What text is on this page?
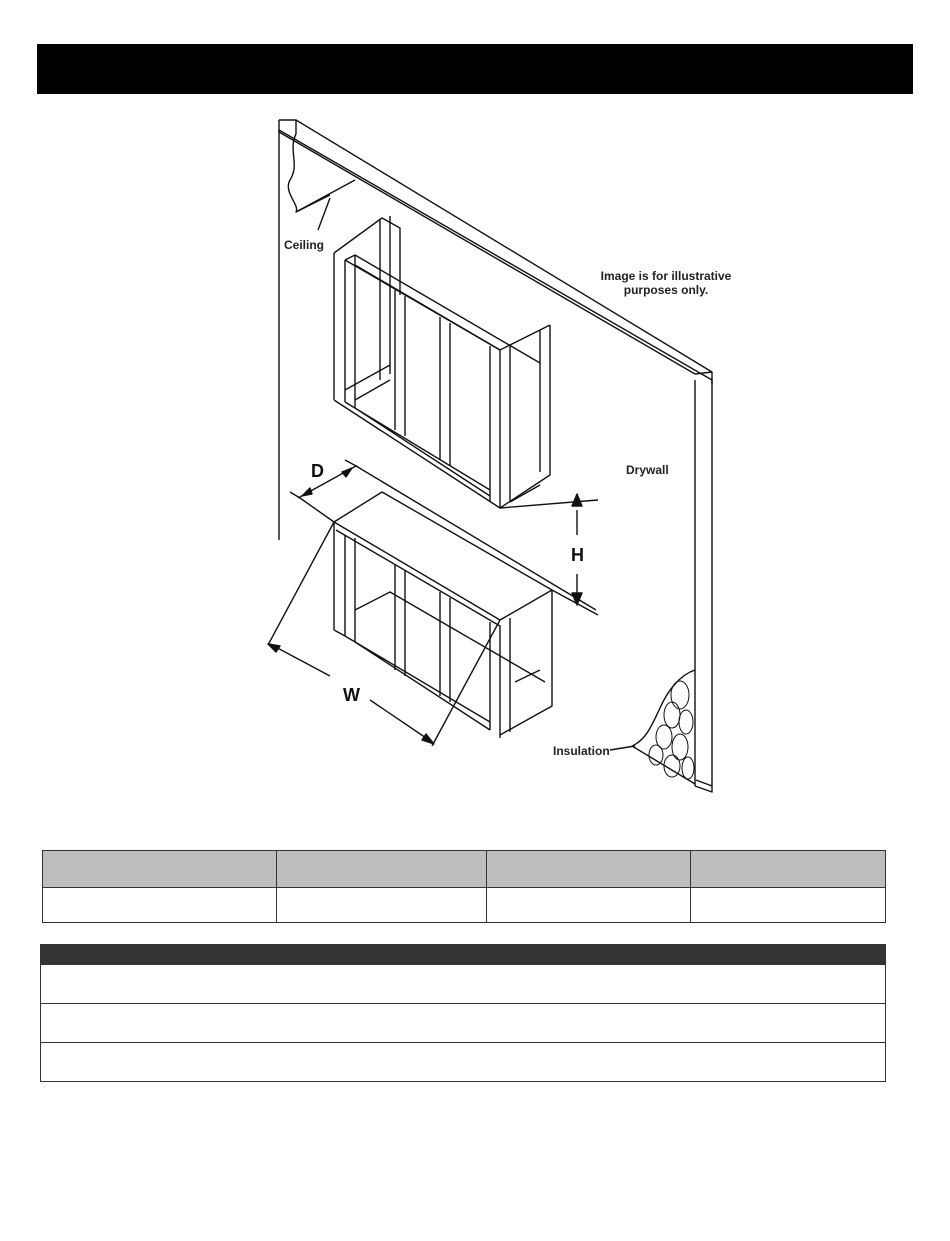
Ceiling
Image is for illustrative
purposes only.
Drywall
Insulation
D
H
W
